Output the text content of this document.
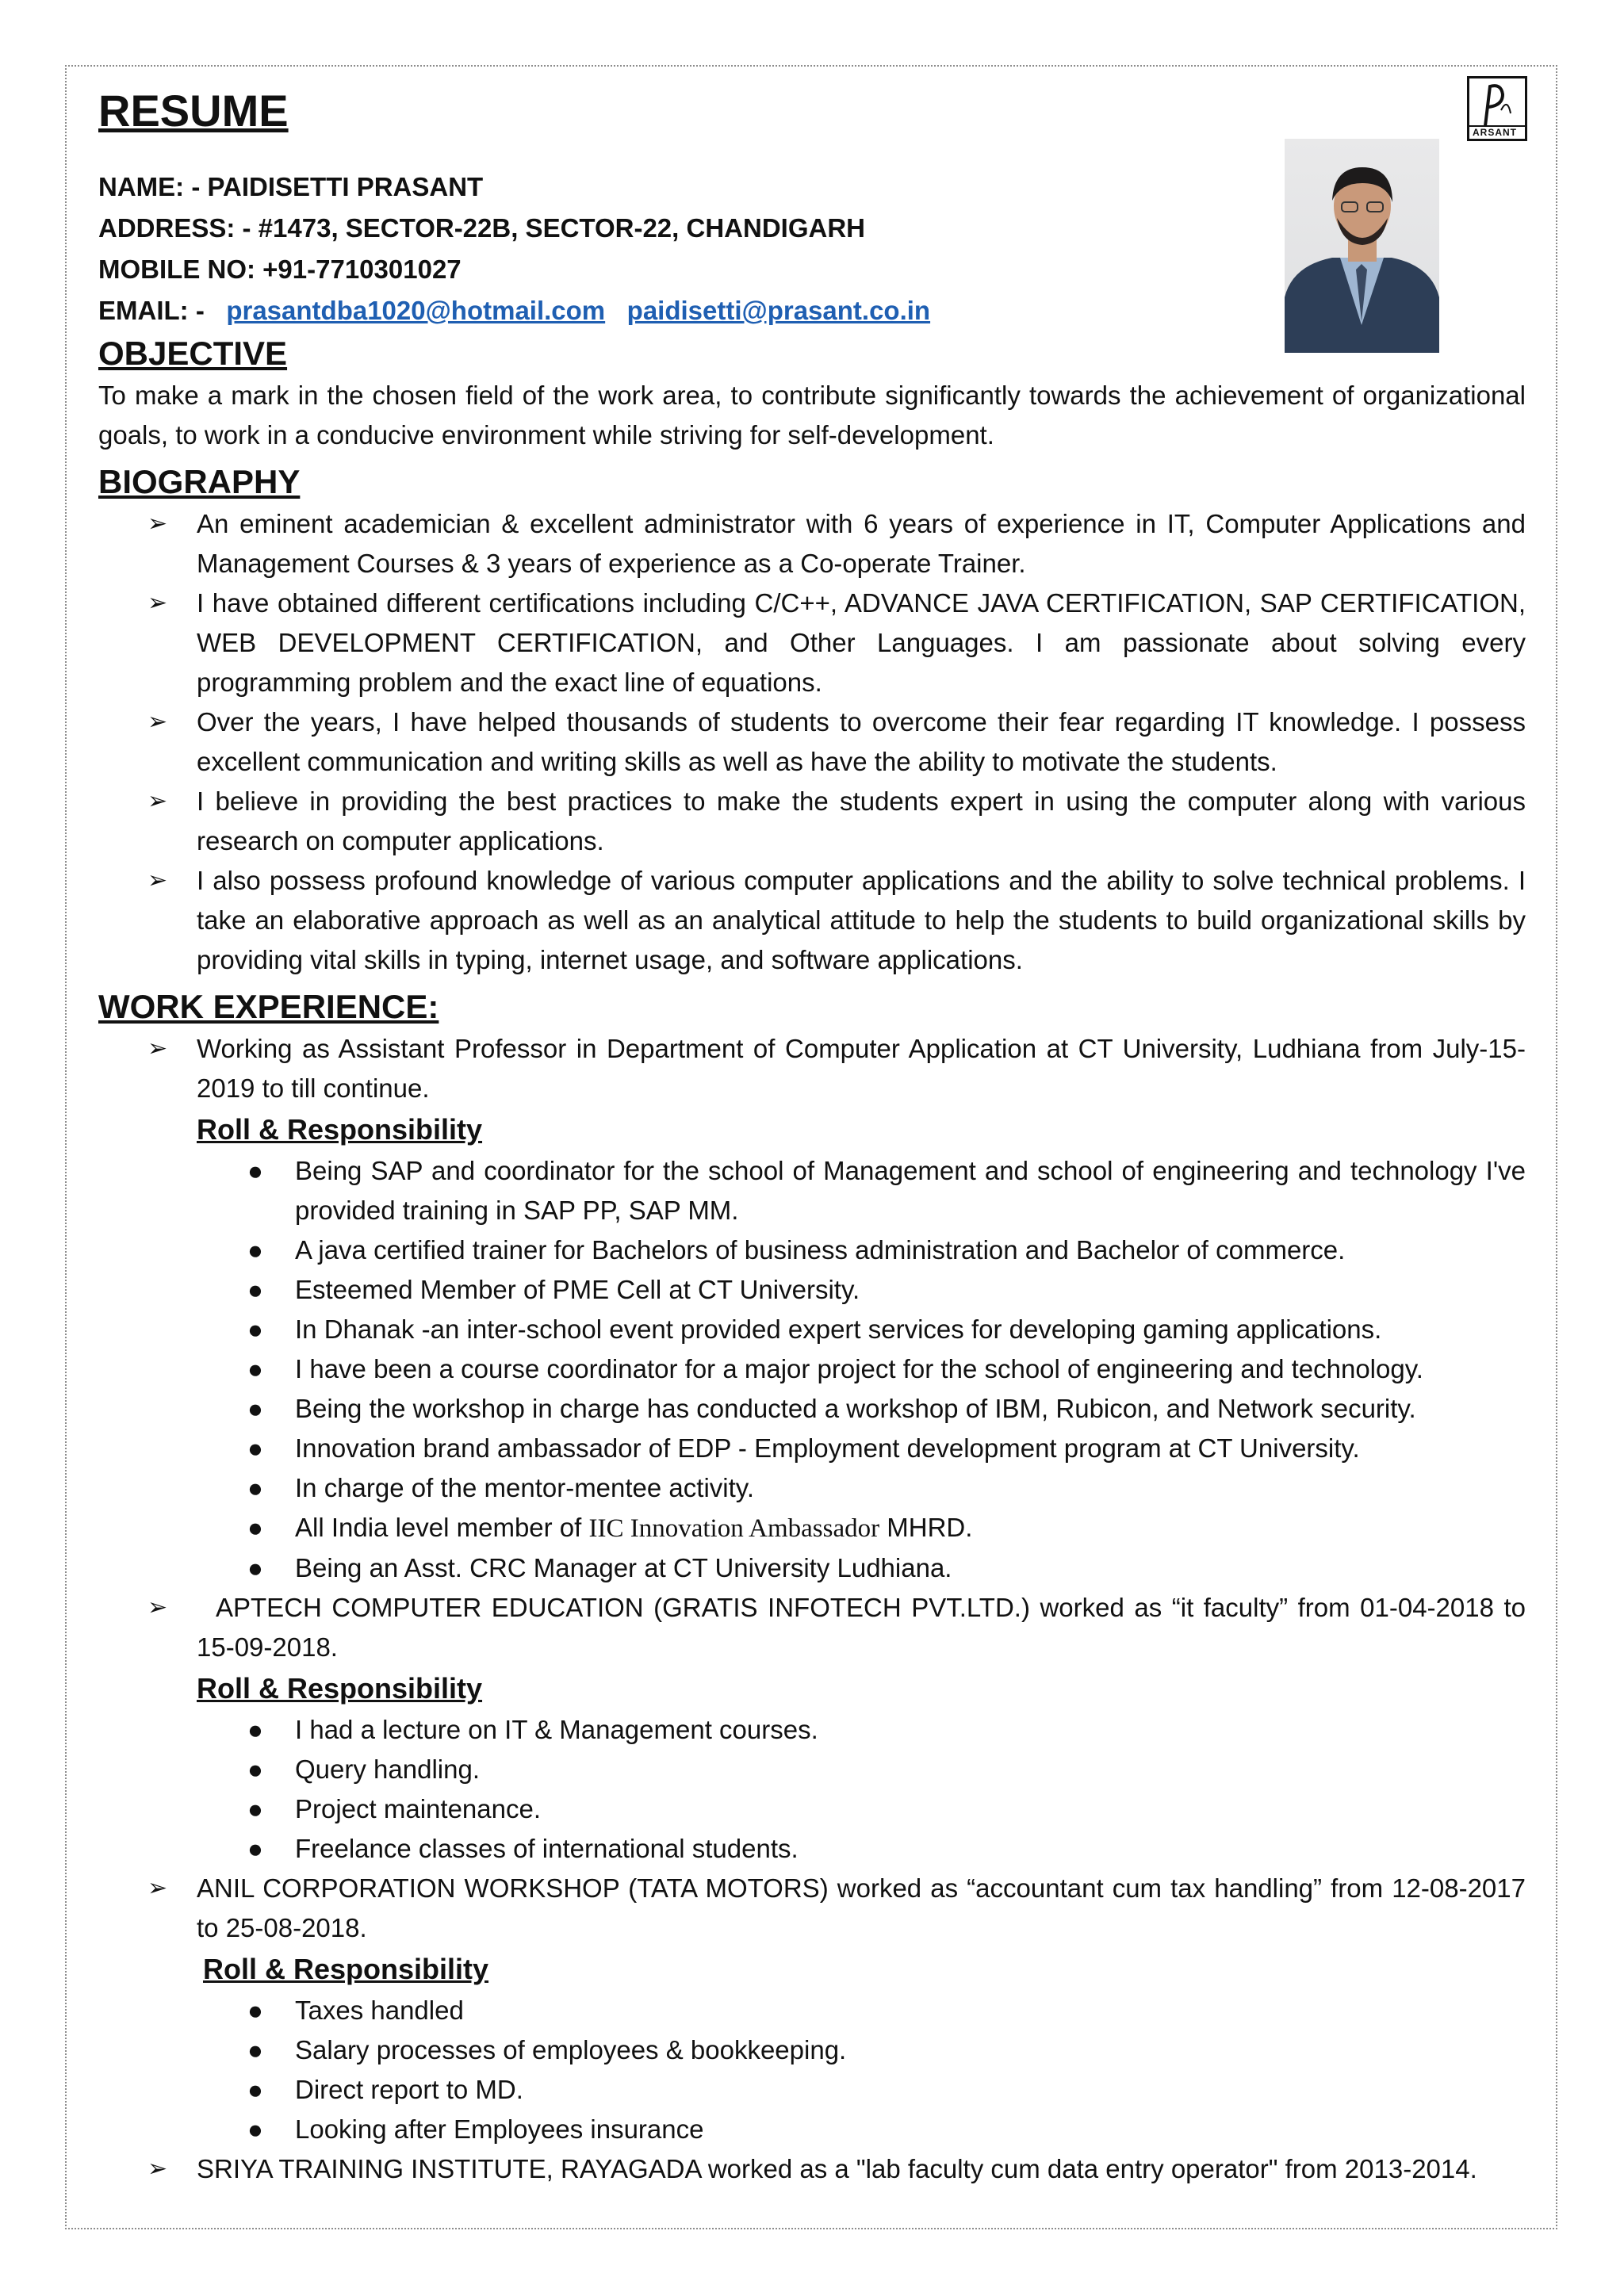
ARSANT
RESUME
NAME: - PAIDISETTI PRASANT
ADDRESS: - #1473, SECTOR-22B, SECTOR-22, CHANDIGARH
MOBILE NO: +91-7710301027
EMAIL: - prasantdba1020@hotmail.com paidisetti@prasant.co.in
OBJECTIVE

To make a mark in the chosen field of the work area, to contribute significantly towards the achievement of organizational goals, to work in a conducive environment while striving for self-development.

BIOGRAPHY
➢ An eminent academician & excellent administrator with 6 years of experience in IT, Computer Applications and Management Courses & 3 years of experience as a Co-operate Trainer.
➢ I have obtained different certifications including C/C++, ADVANCE JAVA CERTIFICATION, SAP CERTIFICATION, WEB DEVELOPMENT CERTIFICATION, and Other Languages. I am passionate about solving every programming problem and the exact line of equations.
➢ Over the years, I have helped thousands of students to overcome their fear regarding IT knowledge. I possess excellent communication and writing skills as well as have the ability to motivate the students.
➢ I believe in providing the best practices to make the students expert in using the computer along with various research on computer applications.
➢ I also possess profound knowledge of various computer applications and the ability to solve technical problems. I take an elaborative approach as well as an analytical attitude to help the students to build organizational skills by providing vital skills in typing, internet usage, and software applications.
WORK EXPERIENCE:
➢ Working as Assistant Professor in Department of Computer Application at CT University, Ludhiana from July-15-2019 to till continue.
Roll & Responsibility
● Being SAP and coordinator for the school of Management and school of engineering and technology I've provided training in SAP PP, SAP MM.
● A java certified trainer for Bachelors of business administration and Bachelor of commerce.
● Esteemed Member of PME Cell at CT University.
● In Dhanak -an inter-school event provided expert services for developing gaming applications.
● I have been a course coordinator for a major project for the school of engineering and technology.
● Being the workshop in charge has conducted a workshop of IBM, Rubicon, and Network security.
● Innovation brand ambassador of EDP - Employment development program at CT University.
● In charge of the mentor-mentee activity.
● All India level member of IIC Innovation Ambassador MHRD.
● Being an Asst. CRC Manager at CT University Ludhiana.
➢ APTECH COMPUTER EDUCATION (GRATIS INFOTECH PVT.LTD.) worked as “it faculty” from 01-04-2018 to 15-09-2018.
Roll & Responsibility
● I had a lecture on IT & Management courses.
● Query handling.
● Project maintenance.
● Freelance classes of international students.
➢ ANIL CORPORATION WORKSHOP (TATA MOTORS) worked as “accountant cum tax handling” from 12-08-2017 to 25-08-2018.
Roll & Responsibility
● Taxes handled
● Salary processes of employees & bookkeeping.
● Direct report to MD.
● Looking after Employees insurance
➢ SRIYA TRAINING INSTITUTE, RAYAGADA worked as a "lab faculty cum data entry operator" from 2013-2014.
